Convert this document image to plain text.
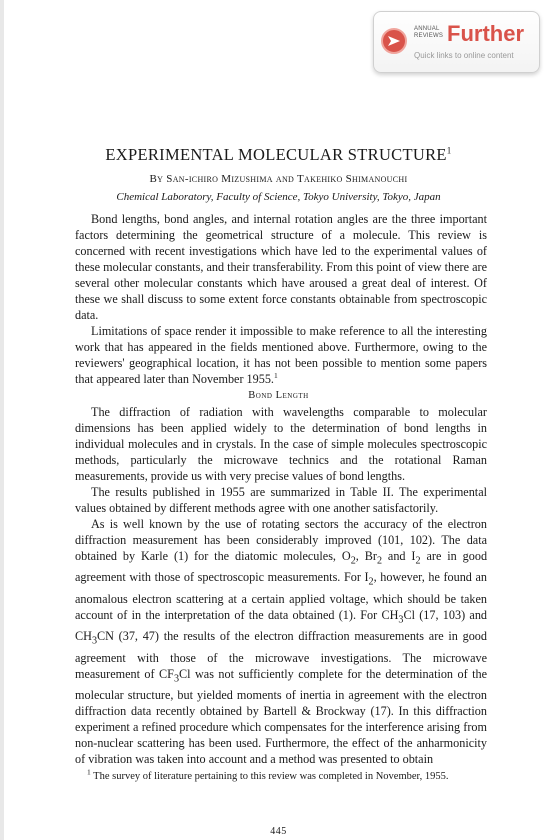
ANNUAL
REVIEWS Further
Quick links to online content
EXPERIMENTAL MOLECULAR STRUCTURE$^1$
By San-ichiro Mizushima and Takehiko Shimanouchi
Chemical Laboratory, Faculty of Science, Tokyo University, Tokyo, Japan

Bond lengths, bond angles, and internal rotation angles are the three important factors determining the geometrical structure of a molecule. This review is concerned with recent investigations which have led to the experimental values of these molecular constants, and their transferability. From this point of view there are several other molecular constants which have aroused a great deal of interest. Of these we shall discuss to some extent force constants obtainable from spectroscopic data.

Limitations of space render it impossible to make reference to all the interesting work that has appeared in the fields mentioned above. Furthermore, owing to the reviewers' geographical location, it has not been possible to mention some papers that appeared later than November 1955.$^1$

Bond Length

The diffraction of radiation with wavelengths comparable to molecular dimensions has been applied widely to the determination of bond lengths in individual molecules and in crystals. In the case of simple molecules spectroscopic methods, particularly the microwave technics and the rotational Raman measurements, provide us with very precise values of bond lengths.

The results published in 1955 are summarized in Table II. The experimental values obtained by different methods agree with one another satisfactorily.

As is well known by the use of rotating sectors the accuracy of the electron diffraction measurement has been considerably improved (101, 102). The data obtained by Karle (1) for the diatomic molecules, $O_2$, $Br_2$ and $I_2$ are in good agreement with those of spectroscopic measurements. For $I_2$, however, he found an anomalous electron scattering at a certain applied voltage, which should be taken account of in the interpretation of the data obtained (1). For $CH_3Cl$ (17, 103) and $CH_3CN$ (37, 47) the results of the electron diffraction measurements are in good agreement with those of the microwave investigations. The microwave measurement of $CF_3Cl$ was not sufficiently complete for the determination of the molecular structure, but yielded moments of inertia in agreement with the electron diffraction data recently obtained by Bartell & Brockway (17). In this diffraction experiment a refined procedure which compensates for the interference arising from non-nuclear scattering has been used. Furthermore, the effect of the anharmonicity of vibration was taken into account and a method was presented to obtain

$^1$ The survey of literature pertaining to this review was completed in November, 1955.

445
